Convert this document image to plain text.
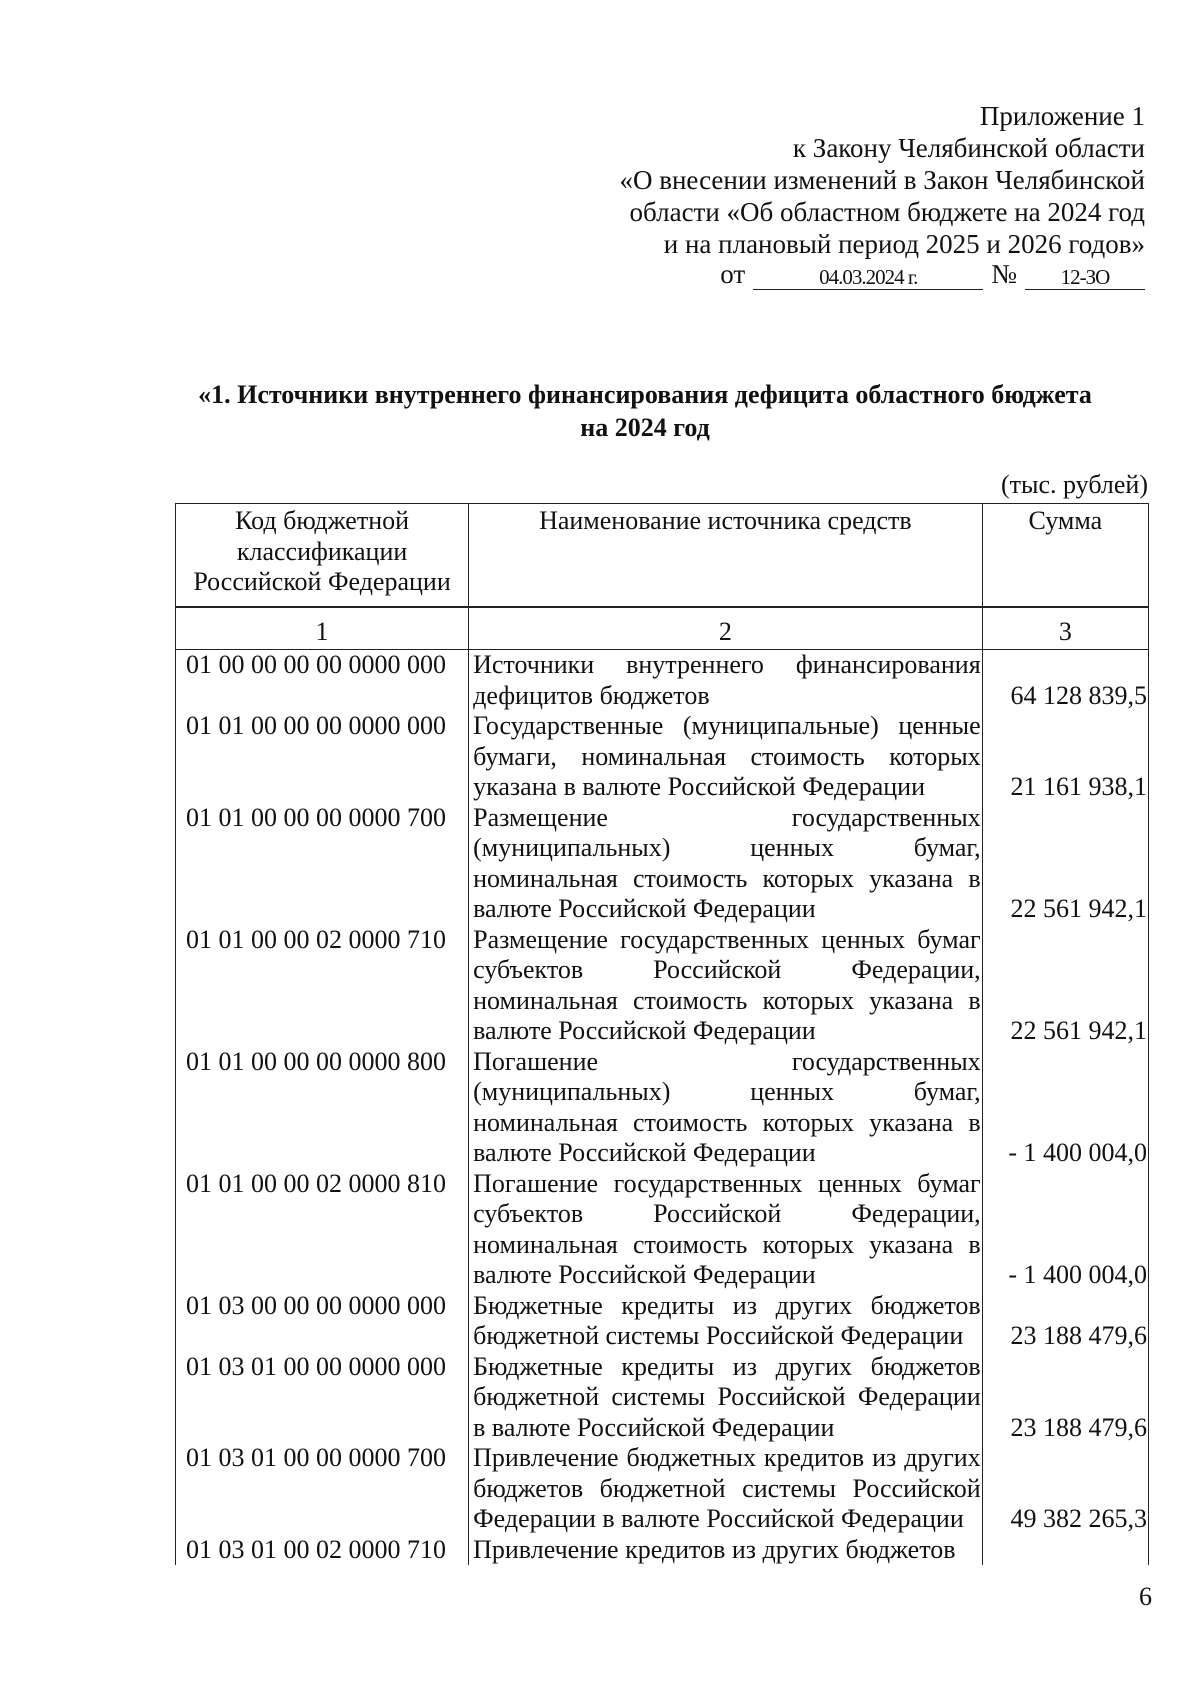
Приложение 1
к Закону Челябинской области
«О внесении изменений в Закон Челябинской
области «Об областном бюджете на 2024 год
и на плановый период 2025 и 2026 годов»
от	04.03.2024 г.	№	12-ЗО
«1. Источники внутреннего финансирования дефицита областного бюджета
на 2024 год
(тыс. рублей)
Код бюджетной классификации Российской Федерации	Наименование источника средств	Сумма
1	2	3
01 00 00 00 00 0000 000	Источники внутреннего финансирования дефицитов бюджетов	64 128 839,5
01 01 00 00 00 0000 000	Государственные (муниципальные) ценные бумаги, номинальная стоимость которых указана в валюте Российской Федерации	21 161 938,1
01 01 00 00 00 0000 700	Размещение государственных (муниципальных) ценных бумаг, номинальная стоимость которых указана в валюте Российской Федерации	22 561 942,1
01 01 00 00 02 0000 710	Размещение государственных ценных бумаг субъектов Российской Федерации, номинальная стоимость которых указана в валюте Российской Федерации	22 561 942,1
01 01 00 00 00 0000 800	Погашение государственных (муниципальных) ценных бумаг, номинальная стоимость которых указана в валюте Российской Федерации	- 1 400 004,0
01 01 00 00 02 0000 810	Погашение государственных ценных бумаг субъектов Российской Федерации, номинальная стоимость которых указана в валюте Российской Федерации	- 1 400 004,0
01 03 00 00 00 0000 000	Бюджетные кредиты из других бюджетов бюджетной системы Российской Федерации	23 188 479,6
01 03 01 00 00 0000 000	Бюджетные кредиты из других бюджетов бюджетной системы Российской Федерации в валюте Российской Федерации	23 188 479,6
01 03 01 00 00 0000 700	Привлечение бюджетных кредитов из других бюджетов бюджетной системы Российской Федерации в валюте Российской Федерации	49 382 265,3
01 03 01 00 02 0000 710	Привлечение кредитов из других бюджетов	
6
